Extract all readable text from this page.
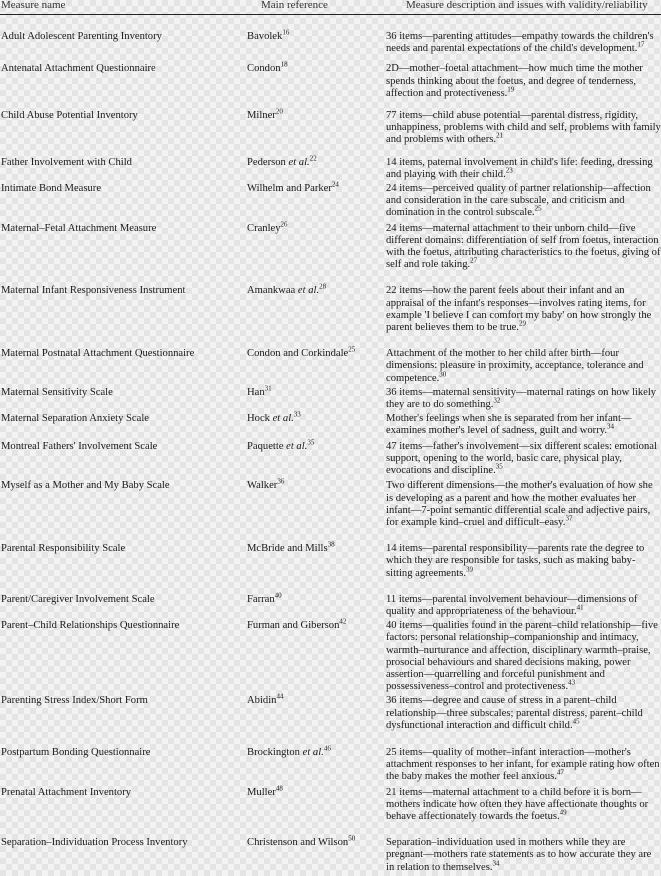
Measure name	Main reference	Measure description and issues with validity/reliability
Adult Adolescent Parenting Inventory	Bavolek$^{16}$	36 items—parenting attitudes—empathy towards the children's needs and parental expectations of the child's development.$^{17}$
Antenatal Attachment Questionnaire	Condon$^{18}$	2D—mother–foetal attachment—how much time the mother spends thinking about the foetus, and degree of tenderness, affection and protectiveness.$^{19}$
Child Abuse Potential Inventory	Milner$^{20}$	77 items—child abuse potential—parental distress, rigidity, unhappiness, problems with child and self, problems with family and problems with others.$^{21}$
Father Involvement with Child	Pederson et al.$^{22}$	14 items, paternal involvement in child's life: feeding, dressing and playing with their child.$^{23}$
Intimate Bond Measure	Wilhelm and Parker$^{24}$	24 items—perceived quality of partner relationship—affection and consideration in the care subscale, and criticism and domination in the control subscale.$^{25}$
Maternal–Fetal Attachment Measure	Cranley$^{26}$	24 items—maternal attachment to their unborn child—five different domains: differentiation of self from foetus, interaction with the foetus, attributing characteristics to the foetus, giving of self and role taking.$^{27}$
Maternal Infant Responsiveness Instrument	Amankwaa et al.$^{28}$	22 items—how the parent feels about their infant and an appraisal of the infant's responses—involves rating items, for example 'I believe I can comfort my baby' on how strongly the parent believes them to be true.$^{29}$
Maternal Postnatal Attachment Questionnaire	Condon and Corkindale$^{25}$	Attachment of the mother to her child after birth—four dimensions: pleasure in proximity, acceptance, tolerance and competence.$^{30}$
Maternal Sensitivity Scale	Han$^{31}$	36 items—maternal sensitivity—maternal ratings on how likely they are to do something.$^{32}$
Maternal Separation Anxiety Scale	Hock et al.$^{33}$	Mother's feelings when she is separated from her infant—examines mother's level of sadness, guilt and worry.$^{34}$
Montreal Fathers' Involvement Scale	Paquette et al.$^{35}$	47 items—father's involvement—six different scales: emotional support, opening to the world, basic care, physical play, evocations and discipline.$^{35}$
Myself as a Mother and My Baby Scale	Walker$^{36}$	Two different dimensions—the mother's evaluation of how she is developing as a parent and how the mother evaluates her infant—7-point semantic differential scale and adjective pairs, for example kind–cruel and difficult–easy.$^{37}$
Parental Responsibility Scale	McBride and Mills$^{38}$	14 items—parental responsibility—parents rate the degree to which they are responsible for tasks, such as making baby-sitting agreements.$^{39}$
Parent/Caregiver Involvement Scale	Farran$^{40}$	11 items—parental involvement behaviour—dimensions of quality and appropriateness of the behaviour.$^{41}$
Parent–Child Relationships Questionnaire	Furman and Giberson$^{42}$	40 items—qualities found in the parent–child relationship—five factors: personal relationship–companionship and intimacy, warmth–nurturance and affection, disciplinary warmth–praise, prosocial behaviours and shared decisions making, power assertion—quarrelling and forceful punishment and possessiveness–control and protectiveness.$^{43}$
Parenting Stress Index/Short Form	Abidin$^{44}$	36 items—degree and cause of stress in a parent–child relationship—three subscales; parental distress, parent–child dysfunctional interaction and difficult child.$^{45}$
Postpartum Bonding Questionnaire	Brockington et al.$^{46}$	25 items—quality of mother–infant interaction—mother's attachment responses to her infant, for example rating how often the baby makes the mother feel anxious.$^{47}$
Prenatal Attachment Inventory	Muller$^{48}$	21 items—maternal attachment to a child before it is born—mothers indicate how often they have affectionate thoughts or behave affectionately towards the foetus.$^{49}$
Separation–Individuation Process Inventory	Christenson and Wilson$^{50}$	Separation–individuation used in mothers while they are pregnant—mothers rate statements as to how accurate they are in relation to themselves.$^{34}$
